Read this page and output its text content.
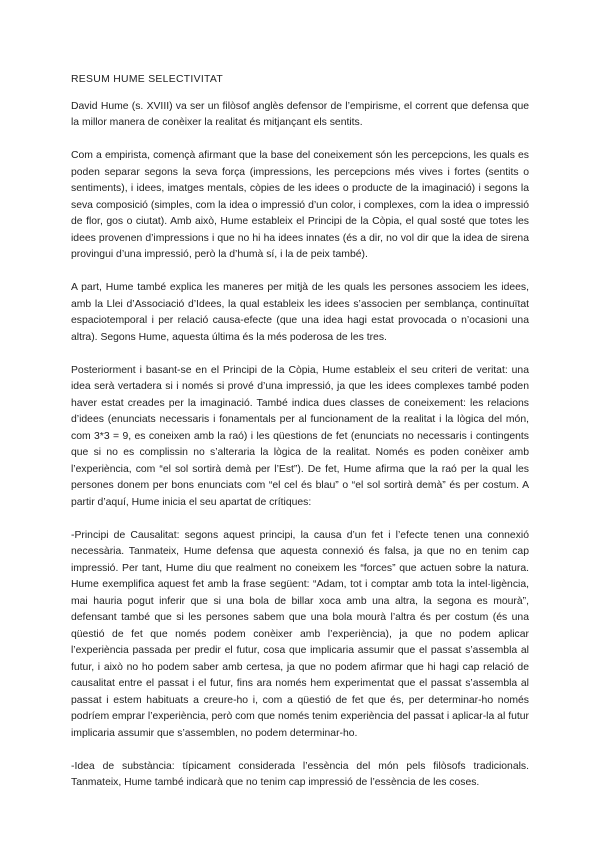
RESUM HUME SELECTIVITAT

David Hume (s. XVIII) va ser un filòsof anglès defensor de l’empirisme, el corrent que defensa que la millor manera de conèixer la realitat és mitjançant els sentits.

Com a empirista, començà afirmant que la base del coneixement són les percepcions, les quals es poden separar segons la seva força (impressions, les percepcions més vives i fortes (sentits o sentiments), i idees, imatges mentals, còpies de les idees o producte de la imaginació) i segons la seva composició (simples, com la idea o impressió d’un color, i complexes, com la idea o impressió de flor, gos o ciutat). Amb això, Hume estableix el Principi de la Còpia, el qual sosté que totes les idees provenen d’impressions i que no hi ha idees innates (és a dir, no vol dir que la idea de sirena provingui d’una impressió, però la d’humà sí, i la de peix també).

A part, Hume també explica les maneres per mitjà de les quals les persones associem les idees, amb la Llei d’Associació d’Idees, la qual estableix les idees s’associen per semblança, continuïtat espaciotemporal i per relació causa-efecte (que una idea hagi estat provocada o n’ocasioni una altra). Segons Hume, aquesta última és la més poderosa de les tres.

Posteriorment i basant-se en el Principi de la Còpia, Hume estableix el seu criteri de veritat: una idea serà vertadera si i només si prové d’una impressió, ja que les idees complexes també poden haver estat creades per la imaginació. També indica dues classes de coneixement: les relacions d’idees (enunciats necessaris i fonamentals per al funcionament de la realitat i la lògica del món, com 3*3 = 9, es coneixen amb la raó) i les qüestions de fet (enunciats no necessaris i contingents que si no es complissin no s’alteraria la lògica de la realitat. Només es poden conèixer amb l’experiència, com “el sol sortirà demà per l’Est”). De fet, Hume afirma que la raó per la qual les persones donem per bons enunciats com “el cel és blau” o “el sol sortirà demà” és per costum. A partir d’aquí, Hume inicia el seu apartat de crítiques:

-Principi de Causalitat: segons aquest principi, la causa d’un fet i l’efecte tenen una connexió necessària. Tanmateix, Hume defensa que aquesta connexió és falsa, ja que no en tenim cap impressió. Per tant, Hume diu que realment no coneixem les “forces” que actuen sobre la natura. Hume exemplifica aquest fet amb la frase següent: “Adam, tot i comptar amb tota la intel·ligència, mai hauria pogut inferir que si una bola de billar xoca amb una altra, la segona es mourà”, defensant també que si les persones sabem que una bola mourà l’altra és per costum (és una qüestió de fet que només podem conèixer amb l’experiència), ja que no podem aplicar l’experiència passada per predir el futur, cosa que implicaria assumir que el passat s’assembla al futur, i això no ho podem saber amb certesa, ja que no podem afirmar que hi hagi cap relació de causalitat entre el passat i el futur, fins ara només hem experimentat que el passat s’assembla al passat i estem habituats a creure-ho i, com a qüestió de fet que és, per determinar-ho només podríem emprar l’experiència, però com que només tenim experiència del passat i aplicar-la al futur implicaria assumir que s’assemblen, no podem determinar-ho.

-Idea de substància: típicament considerada l’essència del món pels filòsofs tradicionals. Tanmateix, Hume també indicarà que no tenim cap impressió de l’essència de les coses.
